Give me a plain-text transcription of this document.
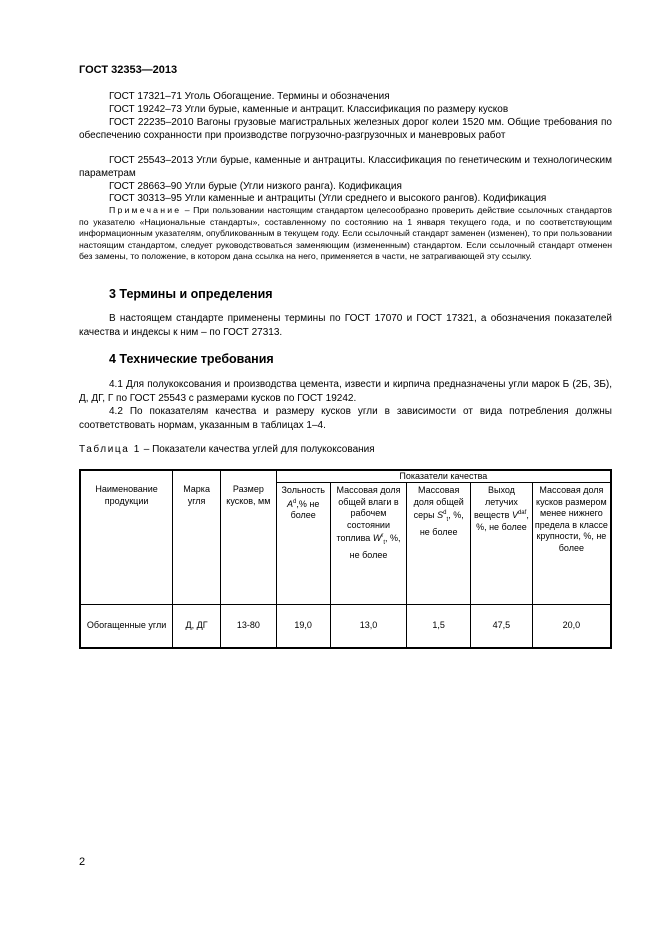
ГОСТ 32353—2013
ГОСТ 17321–71 Уголь Обогащение. Термины и обозначения
ГОСТ 19242–73 Угли бурые, каменные и антрацит. Классификация по размеру кусков
ГОСТ 22235–2010 Вагоны грузовые магистральных железных дорог колеи 1520 мм. Общие требования по обеспечению сохранности при производстве погрузочно-разгрузочных и маневровых работ
ГОСТ 25543–2013 Угли бурые, каменные и антрациты. Классификация по генетическим и технологическим параметрам
ГОСТ 28663–90 Угли бурые (Угли низкого ранга). Кодификация
ГОСТ 30313–95 Угли каменные и антрациты (Угли среднего и высокого рангов). Кодификация
Примечание – При пользовании настоящим стандартом целесообразно проверить действие ссылочных стандартов по указателю «Национальные стандарты», составленному по состоянию на 1 января текущего года, и по соответствующим информационным указателям, опубликованным в текущем году. Если ссылочный стандарт заменен (изменен), то при пользовании настоящим стандартом, следует руководствоваться заменяющим (измененным) стандартом. Если ссылочный стандарт отменен без замены, то положение, в котором дана ссылка на него, применяется в части, не затрагивающей эту ссылку.
3 Термины и определения
В настоящем стандарте применены термины по ГОСТ 17070 и ГОСТ 17321, а обозначения показателей качества и индексы к ним – по ГОСТ 27313.
4 Технические требования
4.1 Для полукоксования и производства цемента, извести и кирпича предназначены угли марок Б (2Б, 3Б), Д, ДГ, Г по ГОСТ 25543 с размерами кусков по ГОСТ 19242.
4.2 По показателям качества и размеру кусков угли в зависимости от вида потребления должны соответствовать нормам, указанным в таблицах 1–4.
Таблица 1 – Показатели качества углей для полукоксования
Наименование продукции	Марка угля	Размер кусков, мм	Показатели качества				
			Зольность $A^d,\%$ не более	Массовая доля общей влаги в рабочем состоянии топлива $W^r_t$, %, не более	Массовая доля общей серы $S^d_t$, %, не более	Выход летучих веществ $V^{daf}$, %, не более	Массовая доля кусков размером менее нижнего предела в классе крупности, %, не более
Обогащенные угли	Д, ДГ	13-80	19,0	13,0	1,5	47,5	20,0
2
